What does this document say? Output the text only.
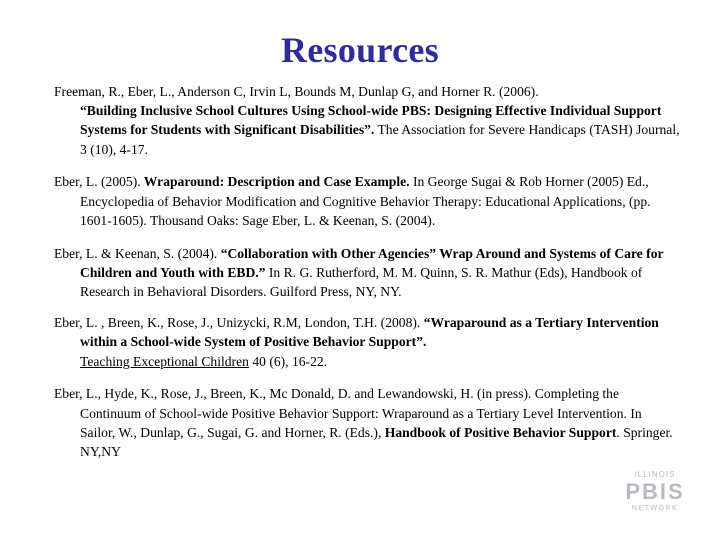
Resources

Freeman, R., Eber, L., Anderson C, Irvin L, Bounds M, Dunlap G, and Horner R. (2006).
“Building Inclusive School Cultures Using School-wide PBS: Designing Effective Individual Support Systems for Students with Significant Disabilities”. The Association for Severe Handicaps (TASH) Journal, 3 (10), 4-17.

Eber, L. (2005). Wraparound: Description and Case Example. In George Sugai & Rob Horner (2005) Ed., Encyclopedia of Behavior Modification and Cognitive Behavior Therapy: Educational Applications, (pp. 1601-1605). Thousand Oaks: Sage Eber, L. & Keenan, S. (2004).

Eber, L. & Keenan, S. (2004). “Collaboration with Other Agencies” Wrap Around and Systems of Care for Children and Youth with EBD.” In R. G. Rutherford, M. M. Quinn, S. R. Mathur (Eds), Handbook of Research in Behavioral Disorders. Guilford Press, NY, NY.

Eber, L. , Breen, K., Rose, J., Unizycki, R.M, London, T.H. (2008). “Wraparound as a Tertiary Intervention within a School-wide System of Positive Behavior Support”.
Teaching Exceptional Children 40 (6), 16-22.

Eber, L., Hyde, K., Rose, J., Breen, K., Mc Donald, D. and Lewandowski, H. (in press). Completing the Continuum of School-wide Positive Behavior Support: Wraparound as a Tertiary Level Intervention. In Sailor, W., Dunlap, G., Sugai, G. and Horner, R. (Eds.), Handbook of Positive Behavior Support. Springer. NY,NY

ILLINOIS
PBIS
NETWORK
